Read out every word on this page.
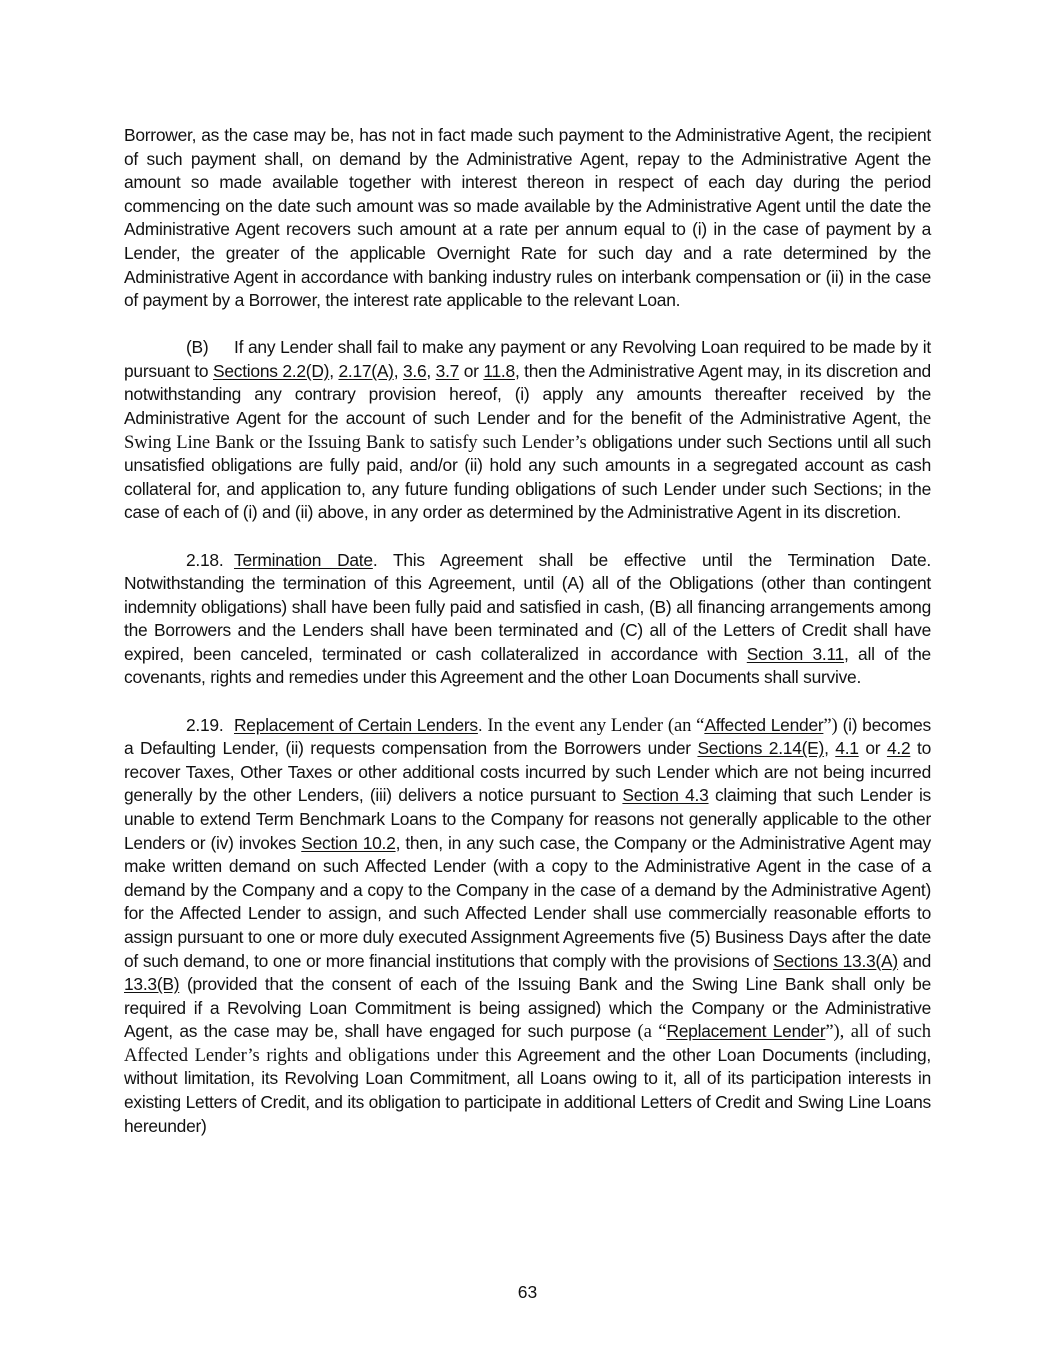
Borrower, as the case may be, has not in fact made such payment to the Administrative Agent, the recipient of such payment shall, on demand by the Administrative Agent, repay to the Administrative Agent the amount so made available together with interest thereon in respect of each day during the period commencing on the date such amount was so made available by the Administrative Agent until the date the Administrative Agent recovers such amount at a rate per annum equal to (i) in the case of payment by a Lender, the greater of the applicable Overnight Rate for such day and a rate determined by the Administrative Agent in accordance with banking industry rules on interbank compensation or (ii) in the case of payment by a Borrower, the interest rate applicable to the relevant Loan.

(B) If any Lender shall fail to make any payment or any Revolving Loan required to be made by it pursuant to Sections 2.2(D), 2.17(A), 3.6, 3.7 or 11.8, then the Administrative Agent may, in its discretion and notwithstanding any contrary provision hereof, (i) apply any amounts thereafter received by the Administrative Agent for the account of such Lender and for the benefit of the Administrative Agent, the Swing Line Bank or the Issuing Bank to satisfy such Lender’s obligations under such Sections until all such unsatisfied obligations are fully paid, and/or (ii) hold any such amounts in a segregated account as cash collateral for, and application to, any future funding obligations of such Lender under such Sections; in the case of each of (i) and (ii) above, in any order as determined by the Administrative Agent in its discretion.

2.18. Termination Date. This Agreement shall be effective until the Termination Date. Notwithstanding the termination of this Agreement, until (A) all of the Obligations (other than contingent indemnity obligations) shall have been fully paid and satisfied in cash, (B) all financing arrangements among the Borrowers and the Lenders shall have been terminated and (C) all of the Letters of Credit shall have expired, been canceled, terminated or cash collateralized in accordance with Section 3.11, all of the covenants, rights and remedies under this Agreement and the other Loan Documents shall survive.

2.19. Replacement of Certain Lenders. In the event any Lender (an “Affected Lender”) (i) becomes a Defaulting Lender, (ii) requests compensation from the Borrowers under Sections 2.14(E), 4.1 or 4.2 to recover Taxes, Other Taxes or other additional costs incurred by such Lender which are not being incurred generally by the other Lenders, (iii) delivers a notice pursuant to Section 4.3 claiming that such Lender is unable to extend Term Benchmark Loans to the Company for reasons not generally applicable to the other Lenders or (iv) invokes Section 10.2, then, in any such case, the Company or the Administrative Agent may make written demand on such Affected Lender (with a copy to the Administrative Agent in the case of a demand by the Company and a copy to the Company in the case of a demand by the Administrative Agent) for the Affected Lender to assign, and such Affected Lender shall use commercially reasonable efforts to assign pursuant to one or more duly executed Assignment Agreements five (5) Business Days after the date of such demand, to one or more financial institutions that comply with the provisions of Sections 13.3(A) and 13.3(B) (provided that the consent of each of the Issuing Bank and the Swing Line Bank shall only be required if a Revolving Loan Commitment is being assigned) which the Company or the Administrative Agent, as the case may be, shall have engaged for such purpose (a “Replacement Lender”), all of such Affected Lender’s rights and obligations under this Agreement and the other Loan Documents (including, without limitation, its Revolving Loan Commitment, all Loans owing to it, all of its participation interests in existing Letters of Credit, and its obligation to participate in additional Letters of Credit and Swing Line Loans hereunder)

63
